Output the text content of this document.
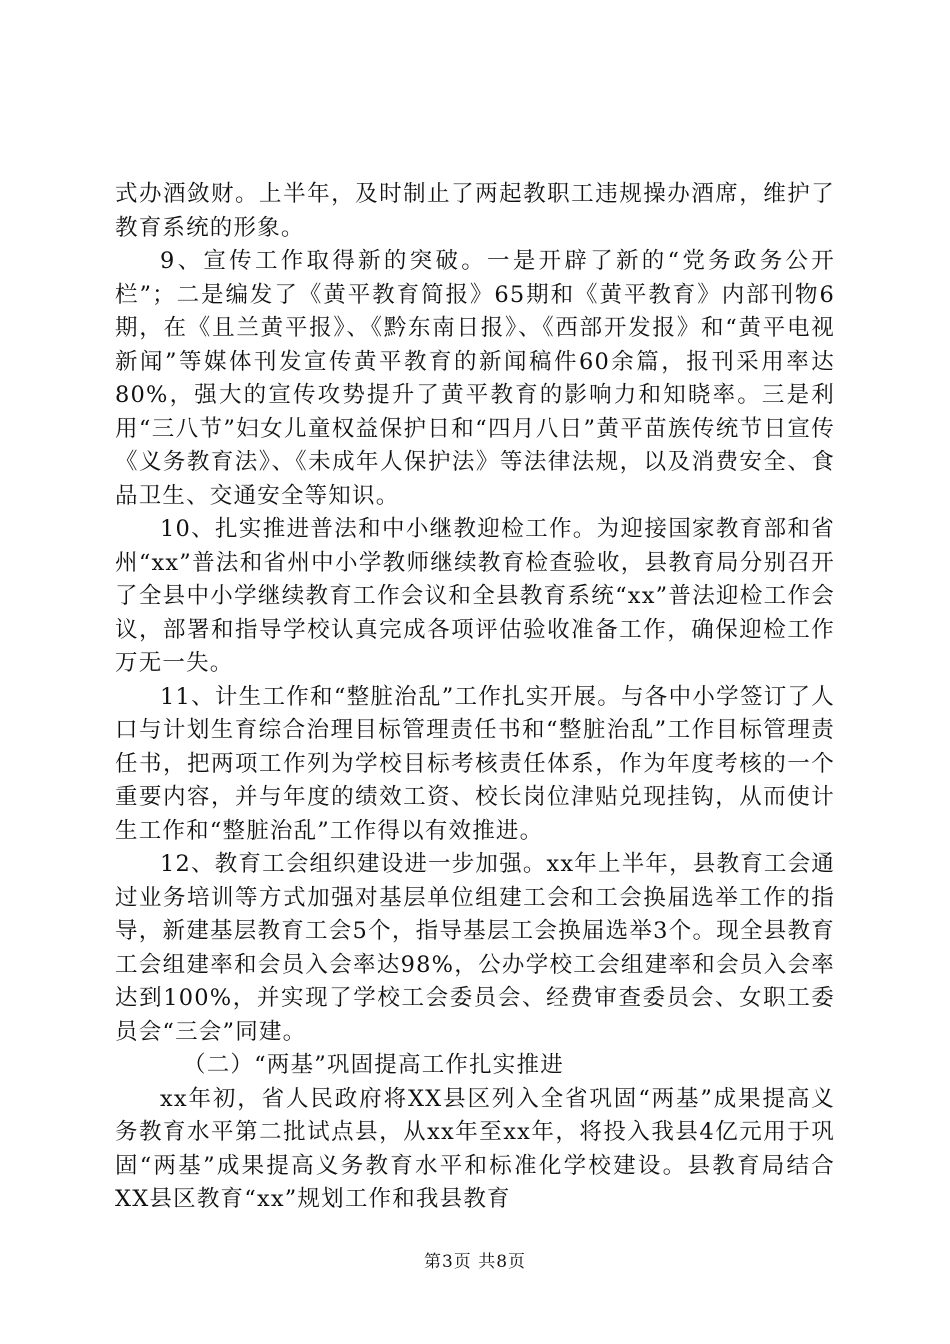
式办酒敛财。上半年，及时制止了两起教职工违规操办酒席，维护了教育系统的形象。

9、宣传工作取得新的突破。一是开辟了新的“党务政务公开栏”；二是编发了《黄平教育简报》65期和《黄平教育》内部刊物6期，在《且兰黄平报》、《黔东南日报》、《西部开发报》和“黄平电视新闻”等媒体刊发宣传黄平教育的新闻稿件60余篇，报刊采用率达80%，强大的宣传攻势提升了黄平教育的影响力和知晓率。三是利用“三八节”妇女儿童权益保护日和“四月八日”黄平苗族传统节日宣传《义务教育法》、《未成年人保护法》等法律法规，以及消费安全、食品卫生、交通安全等知识。

10、扎实推进普法和中小继教迎检工作。为迎接国家教育部和省州“xx”普法和省州中小学教师继续教育检查验收，县教育局分别召开了全县中小学继续教育工作会议和全县教育系统“xx”普法迎检工作会议，部署和指导学校认真完成各项评估验收准备工作，确保迎检工作万无一失。

11、计生工作和“整脏治乱”工作扎实开展。与各中小学签订了人口与计划生育综合治理目标管理责任书和“整脏治乱”工作目标管理责任书，把两项工作列为学校目标考核责任体系，作为年度考核的一个重要内容，并与年度的绩效工资、校长岗位津贴兑现挂钩，从而使计生工作和“整脏治乱”工作得以有效推进。

12、教育工会组织建设进一步加强。xx年上半年，县教育工会通过业务培训等方式加强对基层单位组建工会和工会换届选举工作的指导，新建基层教育工会5个，指导基层工会换届选举3个。现全县教育工会组建率和会员入会率达98%，公办学校工会组建率和会员入会率达到100%，并实现了学校工会委员会、经费审查委员会、女职工委员会“三会”同建。

（二）“两基”巩固提高工作扎实推进

xx年初，省人民政府将XX县区列入全省巩固“两基”成果提高义务教育水平第二批试点县，从xx年至xx年，将投入我县4亿元用于巩固“两基”成果提高义务教育水平和标准化学校建设。县教育局结合XX县区教育“xx”规划工作和我县教育

第3页 共8页
